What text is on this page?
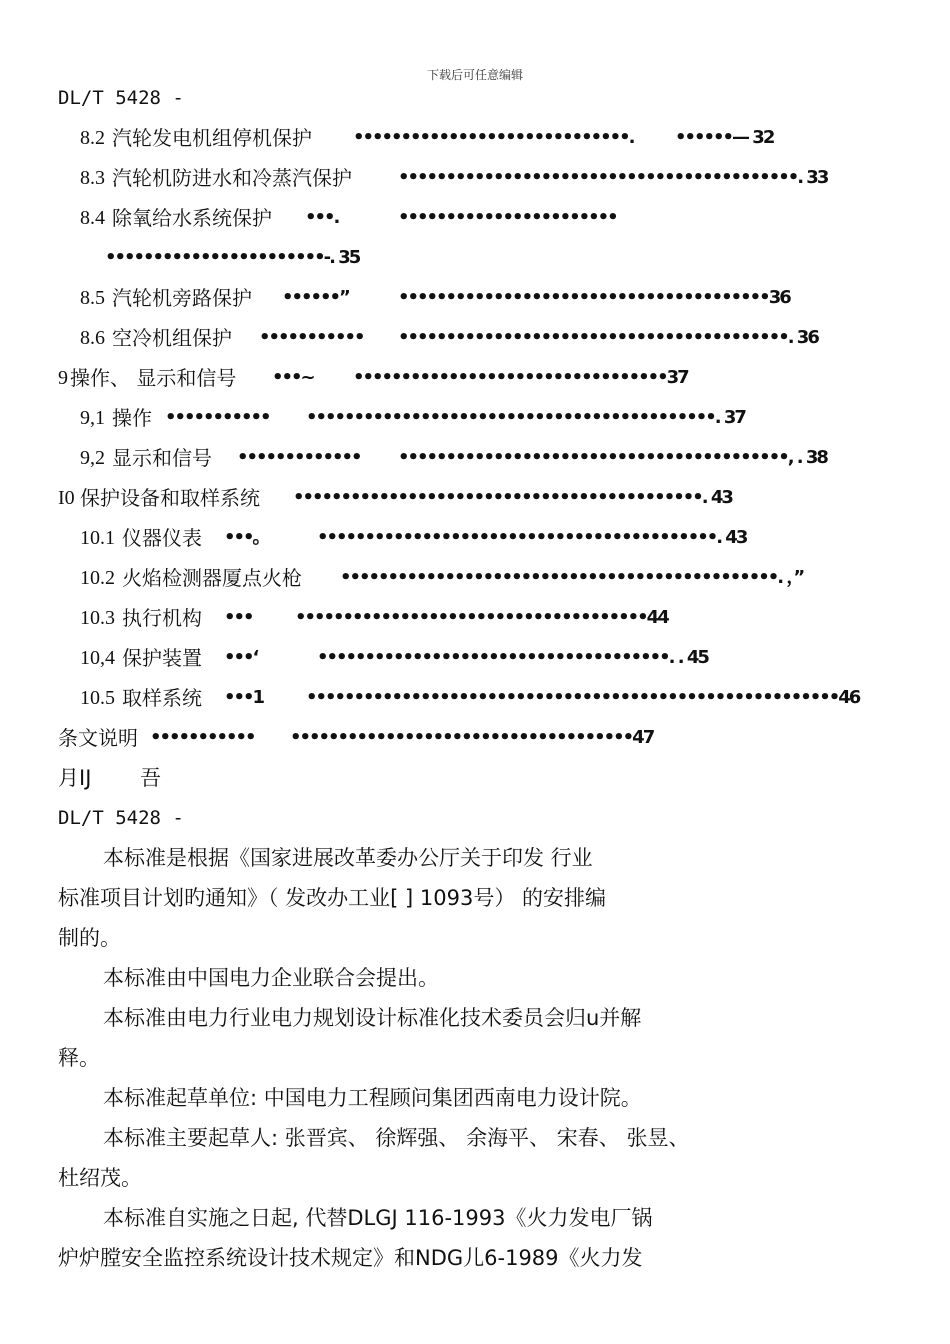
下载后可任意编辑
DL/T 5428 -
8.2 汽轮发电机组停机保护 •••••••••••••••••••••••••••••. ••••••— 32
8.3 汽轮机防进水和冷蒸汽保护	••••••••••••••••••••••••••••••••••••••••••. 33
8.4 除氧给水系统保护 •••.	•••••••••••••••••••••••
•••••••••••••••••••••••-. 35
8.5 汽轮机旁路保护 ••••••”	•••••••••••••••••••••••••••••••••••••••36
8.6 空冷机组保护 ••••••••••• •••••••••••••••••••••••••••••••••••••••••. 36
9 操作、 显示和信号 •••~ •••••••••••••••••••••••••••••••••37
9,1 操作 ••••••••••• •••••••••••••••••••••••••••••••••••••••••••. 37
9,2 显示和信号 ••••••••••••• •••••••••••••••••••••••••••••••••••••••••, . 38
I0 保护设备和取样系统 •••••••••••••••••••••••••••••••••••••••••••. 43
10.1 仪器仪表 •••。	••••••••••••••••••••••••••••••••••••••••••. 43
10.2 火焰检测器厦点火枪 ••••••••••••••••••••••••••••••••••••••••••••••. ，”
10.3 执行机构 ••• •••••••••••••••••••••••••••••••••••••44
10,4 保护装置 •••‘	•••••••••••••••••••••••••••••••••••••. . 45
10.5 取样系统 •••1 ••••••••••••••••••••••••••••••••••••••••••••••••••••••••46
条文说明 ••••••••••• ••••••••••••••••••••••••••••••••••••47
月IJ 　　吾
DL/T 5428 -
本标准是根据《国家进展改革委办公厅关于印发 行业
标准项目计划旳通知》（ 发改办工业[ ] 1093号） 的安排编
制的。
本标准由中国电力企业联合会提出。
本标准由电力行业电力规划设计标准化技术委员会归u并解
释。
本标准起草单位: 中国电力工程顾问集团西南电力设计院。
本标准主要起草人: 张晋宾、 徐辉强、 余海平、 宋春、 张昱、
杜绍茂。
本标准自实施之日起, 代替DLGJ 116-1993《火力发电厂锅
炉炉膛安全监控系统设计技术规定》和NDG儿6-1989《火力发
